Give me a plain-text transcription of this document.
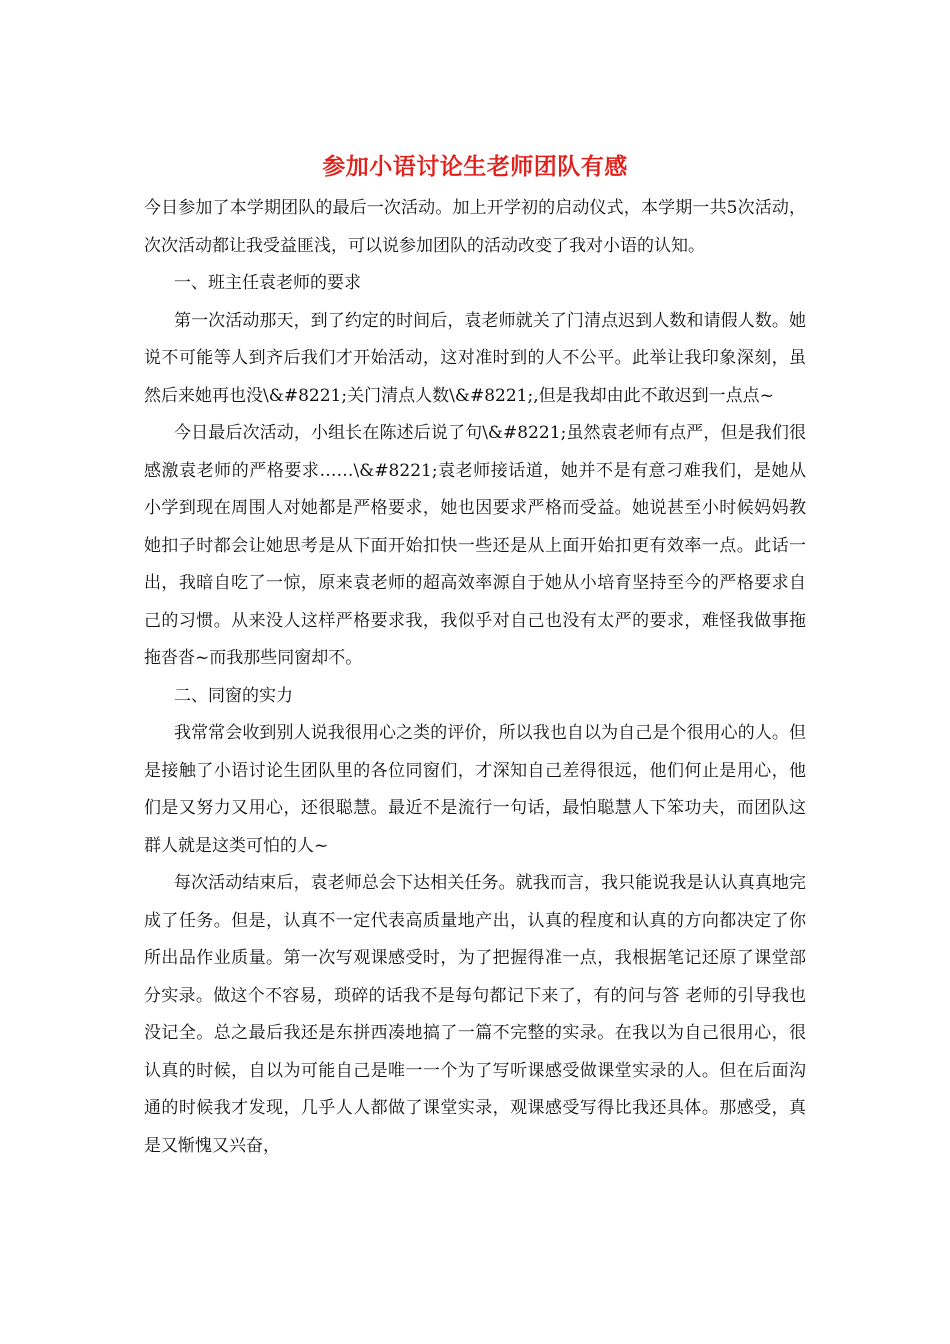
参加小语讨论生老师团队有感

今日参加了本学期团队的最后一次活动。加上开学初的启动仪式，本学期一共5次活动，次次活动都让我受益匪浅，可以说参加团队的活动改变了我对小语的认知。

一、班主任袁老师的要求

第一次活动那天，到了约定的时间后，袁老师就关了门清点迟到人数和请假人数。她说不可能等人到齐后我们才开始活动，这对准时到的人不公平。此举让我印象深刻，虽然后来她再也没\&#8221;关门清点人数\&#8221;,但是我却由此不敢迟到一点点~

今日最后次活动，小组长在陈述后说了句\&#8221;虽然袁老师有点严，但是我们很感激袁老师的严格要求……\&#8221;袁老师接话道，她并不是有意刁难我们，是她从小学到现在周围人对她都是严格要求，她也因要求严格而受益。她说甚至小时候妈妈教她扣子时都会让她思考是从下面开始扣快一些还是从上面开始扣更有效率一点。此话一出，我暗自吃了一惊，原来袁老师的超高效率源自于她从小培育坚持至今的严格要求自己的习惯。从来没人这样严格要求我，我似乎对自己也没有太严的要求，难怪我做事拖拖沓沓~而我那些同窗却不。

二、同窗的实力

我常常会收到别人说我很用心之类的评价，所以我也自以为自己是个很用心的人。但是接触了小语讨论生团队里的各位同窗们，才深知自己差得很远，他们何止是用心，他们是又努力又用心，还很聪慧。最近不是流行一句话，最怕聪慧人下笨功夫，而团队这群人就是这类可怕的人~

每次活动结束后，袁老师总会下达相关任务。就我而言，我只能说我是认认真真地完成了任务。但是，认真不一定代表高质量地产出，认真的程度和认真的方向都决定了你所出品作业质量。第一次写观课感受时，为了把握得准一点，我根据笔记还原了课堂部分实录。做这个不容易，琐碎的话我不是每句都记下来了，有的问与答 老师的引导我也没记全。总之最后我还是东拼西凑地搞了一篇不完整的实录。在我以为自己很用心，很认真的时候，自以为可能自己是唯一一个为了写听课感受做课堂实录的人。但在后面沟通的时候我才发现，几乎人人都做了课堂实录，观课感受写得比我还具体。那感受，真是又惭愧又兴奋，
